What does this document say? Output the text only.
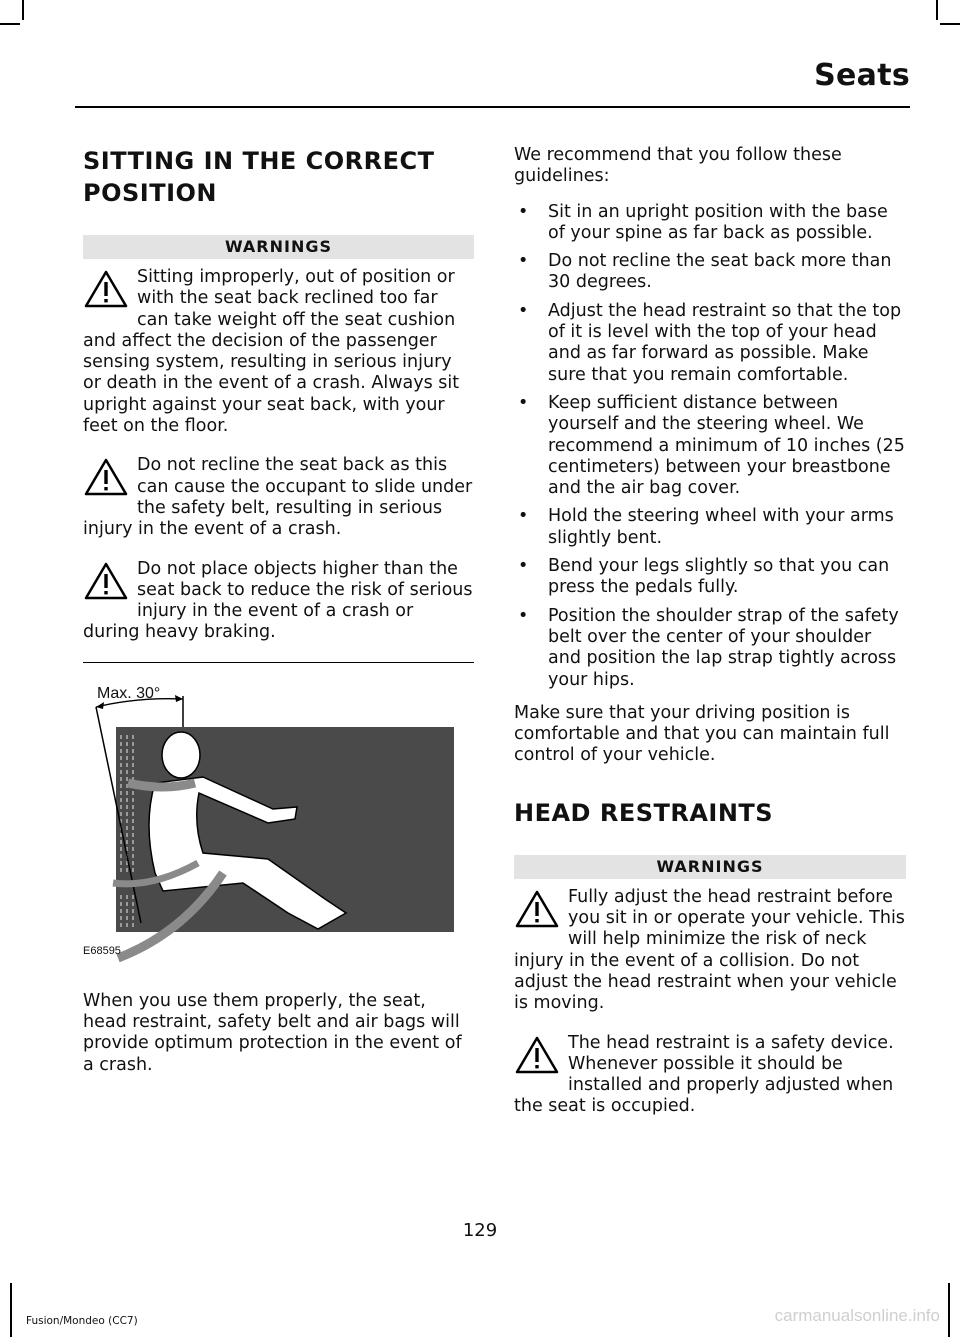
Seats
SITTING IN THE CORRECT POSITION
WARNINGS
Sitting improperly, out of position or with the seat back reclined too far can take weight off the seat cushion and affect the decision of the passenger sensing system, resulting in serious injury or death in the event of a crash. Always sit upright against your seat back, with your feet on the floor.
Do not recline the seat back as this can cause the occupant to slide under the safety belt, resulting in serious injury in the event of a crash.
Do not place objects higher than the seat back to reduce the risk of serious injury in the event of a crash or during heavy braking.
Max. 30°
E68595

When you use them properly, the seat, head restraint, safety belt and air bags will provide optimum protection in the event of a crash.

We recommend that you follow these guidelines:

• Sit in an upright position with the base of your spine as far back as possible.
• Do not recline the seat back more than 30 degrees.
• Adjust the head restraint so that the top of it is level with the top of your head and as far forward as possible. Make sure that you remain comfortable.
• Keep sufficient distance between yourself and the steering wheel. We recommend a minimum of 10 inches (25 centimeters) between your breastbone and the air bag cover.
• Hold the steering wheel with your arms slightly bent.
• Bend your legs slightly so that you can press the pedals fully.
• Position the shoulder strap of the safety belt over the center of your shoulder and position the lap strap tightly across your hips.

Make sure that your driving position is comfortable and that you can maintain full control of your vehicle.

HEAD RESTRAINTS
WARNINGS
Fully adjust the head restraint before you sit in or operate your vehicle. This will help minimize the risk of neck injury in the event of a collision. Do not adjust the head restraint when your vehicle is moving.
The head restraint is a safety device. Whenever possible it should be installed and properly adjusted when the seat is occupied.
129
Fusion/Mondeo (CC7)	carmanualsonline.info
